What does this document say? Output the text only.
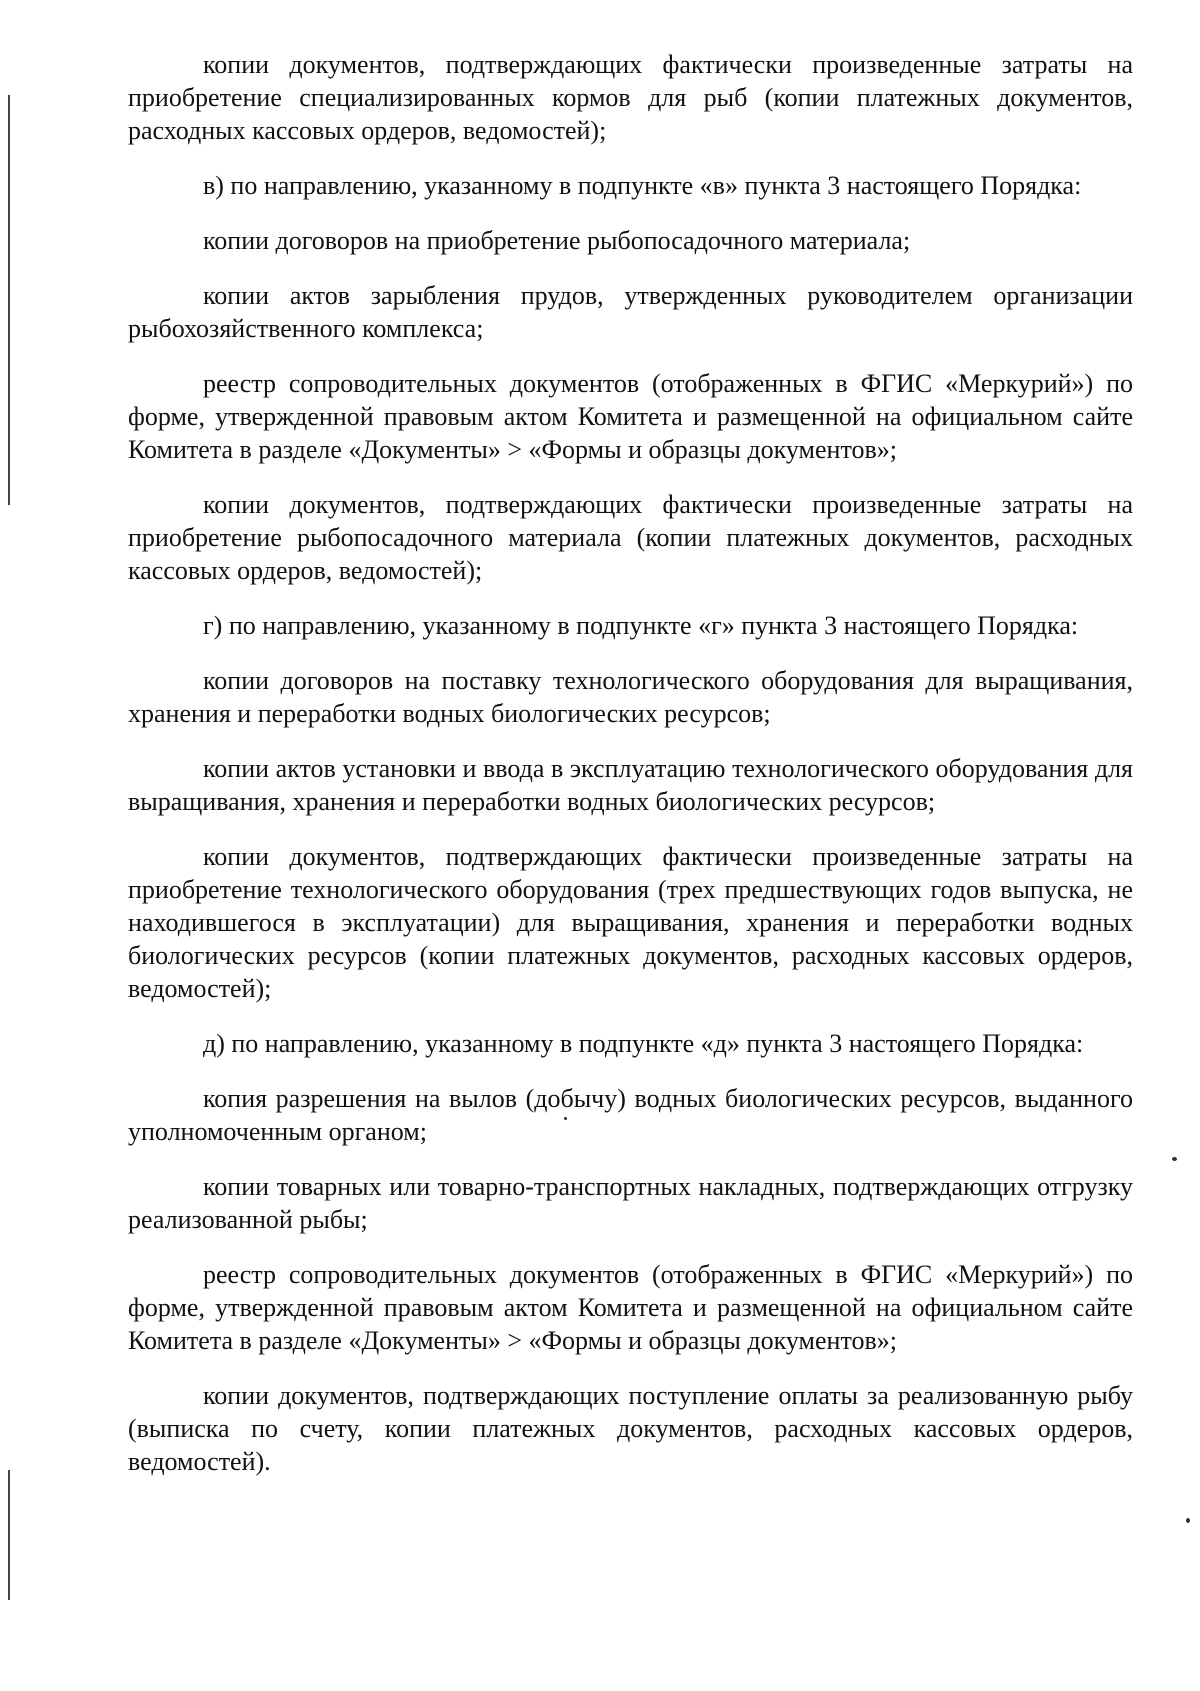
копии документов, подтверждающих фактически произведенные затраты на приобретение специализированных кормов для рыб (копии платежных документов, расходных кассовых ордеров, ведомостей);

в) по направлению, указанному в подпункте «в» пункта 3 настоящего Порядка:

копии договоров на приобретение рыбопосадочного материала;

копии актов зарыбления прудов, утвержденных руководителем организации рыбохозяйственного комплекса;

реестр сопроводительных документов (отображенных в ФГИС «Меркурий») по форме, утвержденной правовым актом Комитета и размещенной на официальном сайте Комитета в разделе «Документы» > «Формы и образцы документов»;

копии документов, подтверждающих фактически произведенные затраты на приобретение рыбопосадочного материала (копии платежных документов, расходных кассовых ордеров, ведомостей);

г) по направлению, указанному в подпункте «г» пункта 3 настоящего Порядка:

копии договоров на поставку технологического оборудования для выращивания, хранения и переработки водных биологических ресурсов;

копии актов установки и ввода в эксплуатацию технологического оборудования для выращивания, хранения и переработки водных биологических ресурсов;

копии документов, подтверждающих фактически произведенные затраты на приобретение технологического оборудования (трех предшествующих годов выпуска, не находившегося в эксплуатации) для выращивания, хранения и переработки водных биологических ресурсов (копии платежных документов, расходных кассовых ордеров, ведомостей);

д) по направлению, указанному в подпункте «д» пункта 3 настоящего Порядка:

копия разрешения на вылов (добычу) водных биологических ресурсов, выданного уполномоченным органом;

копии товарных или товарно-транспортных накладных, подтверждающих отгрузку реализованной рыбы;

реестр сопроводительных документов (отображенных в ФГИС «Меркурий») по форме, утвержденной правовым актом Комитета и размещенной на официальном сайте Комитета в разделе «Документы» > «Формы и образцы документов»;

копии документов, подтверждающих поступление оплаты за реализованную рыбу (выписка по счету, копии платежных документов, расходных кассовых ордеров, ведомостей).
